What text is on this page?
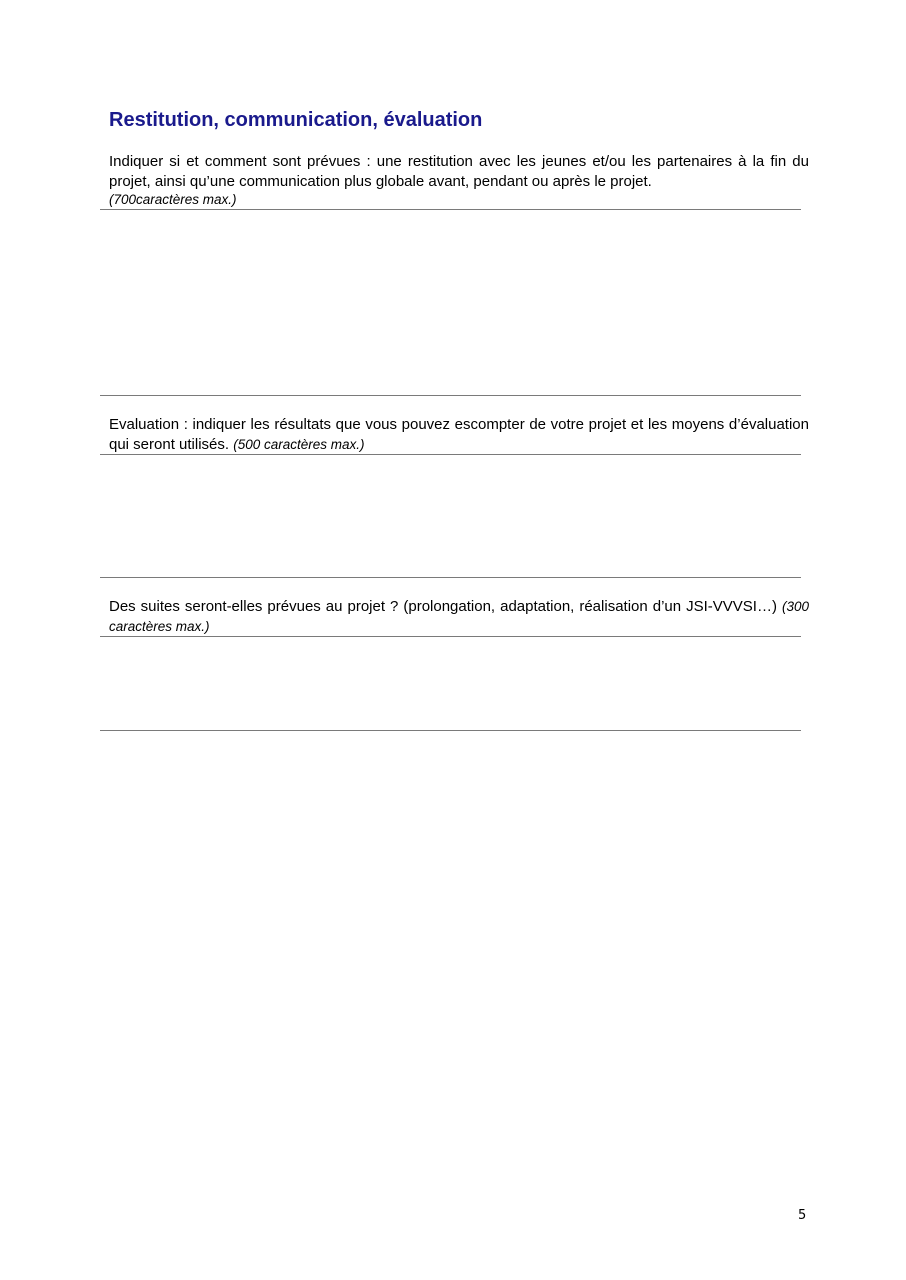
Restitution, communication, évaluation

Indiquer si et comment sont prévues : une restitution avec les jeunes et/ou les partenaires à la fin du projet, ainsi qu’une communication plus globale avant, pendant ou après le projet.
(700caractères max.)

Evaluation : indiquer les résultats que vous pouvez escompter de votre projet et les moyens d’évaluation qui seront utilisés. (500 caractères max.)

Des suites seront-elles prévues au projet ? (prolongation, adaptation, réalisation d’un JSI-VVVSI…) (300 caractères max.)

5
